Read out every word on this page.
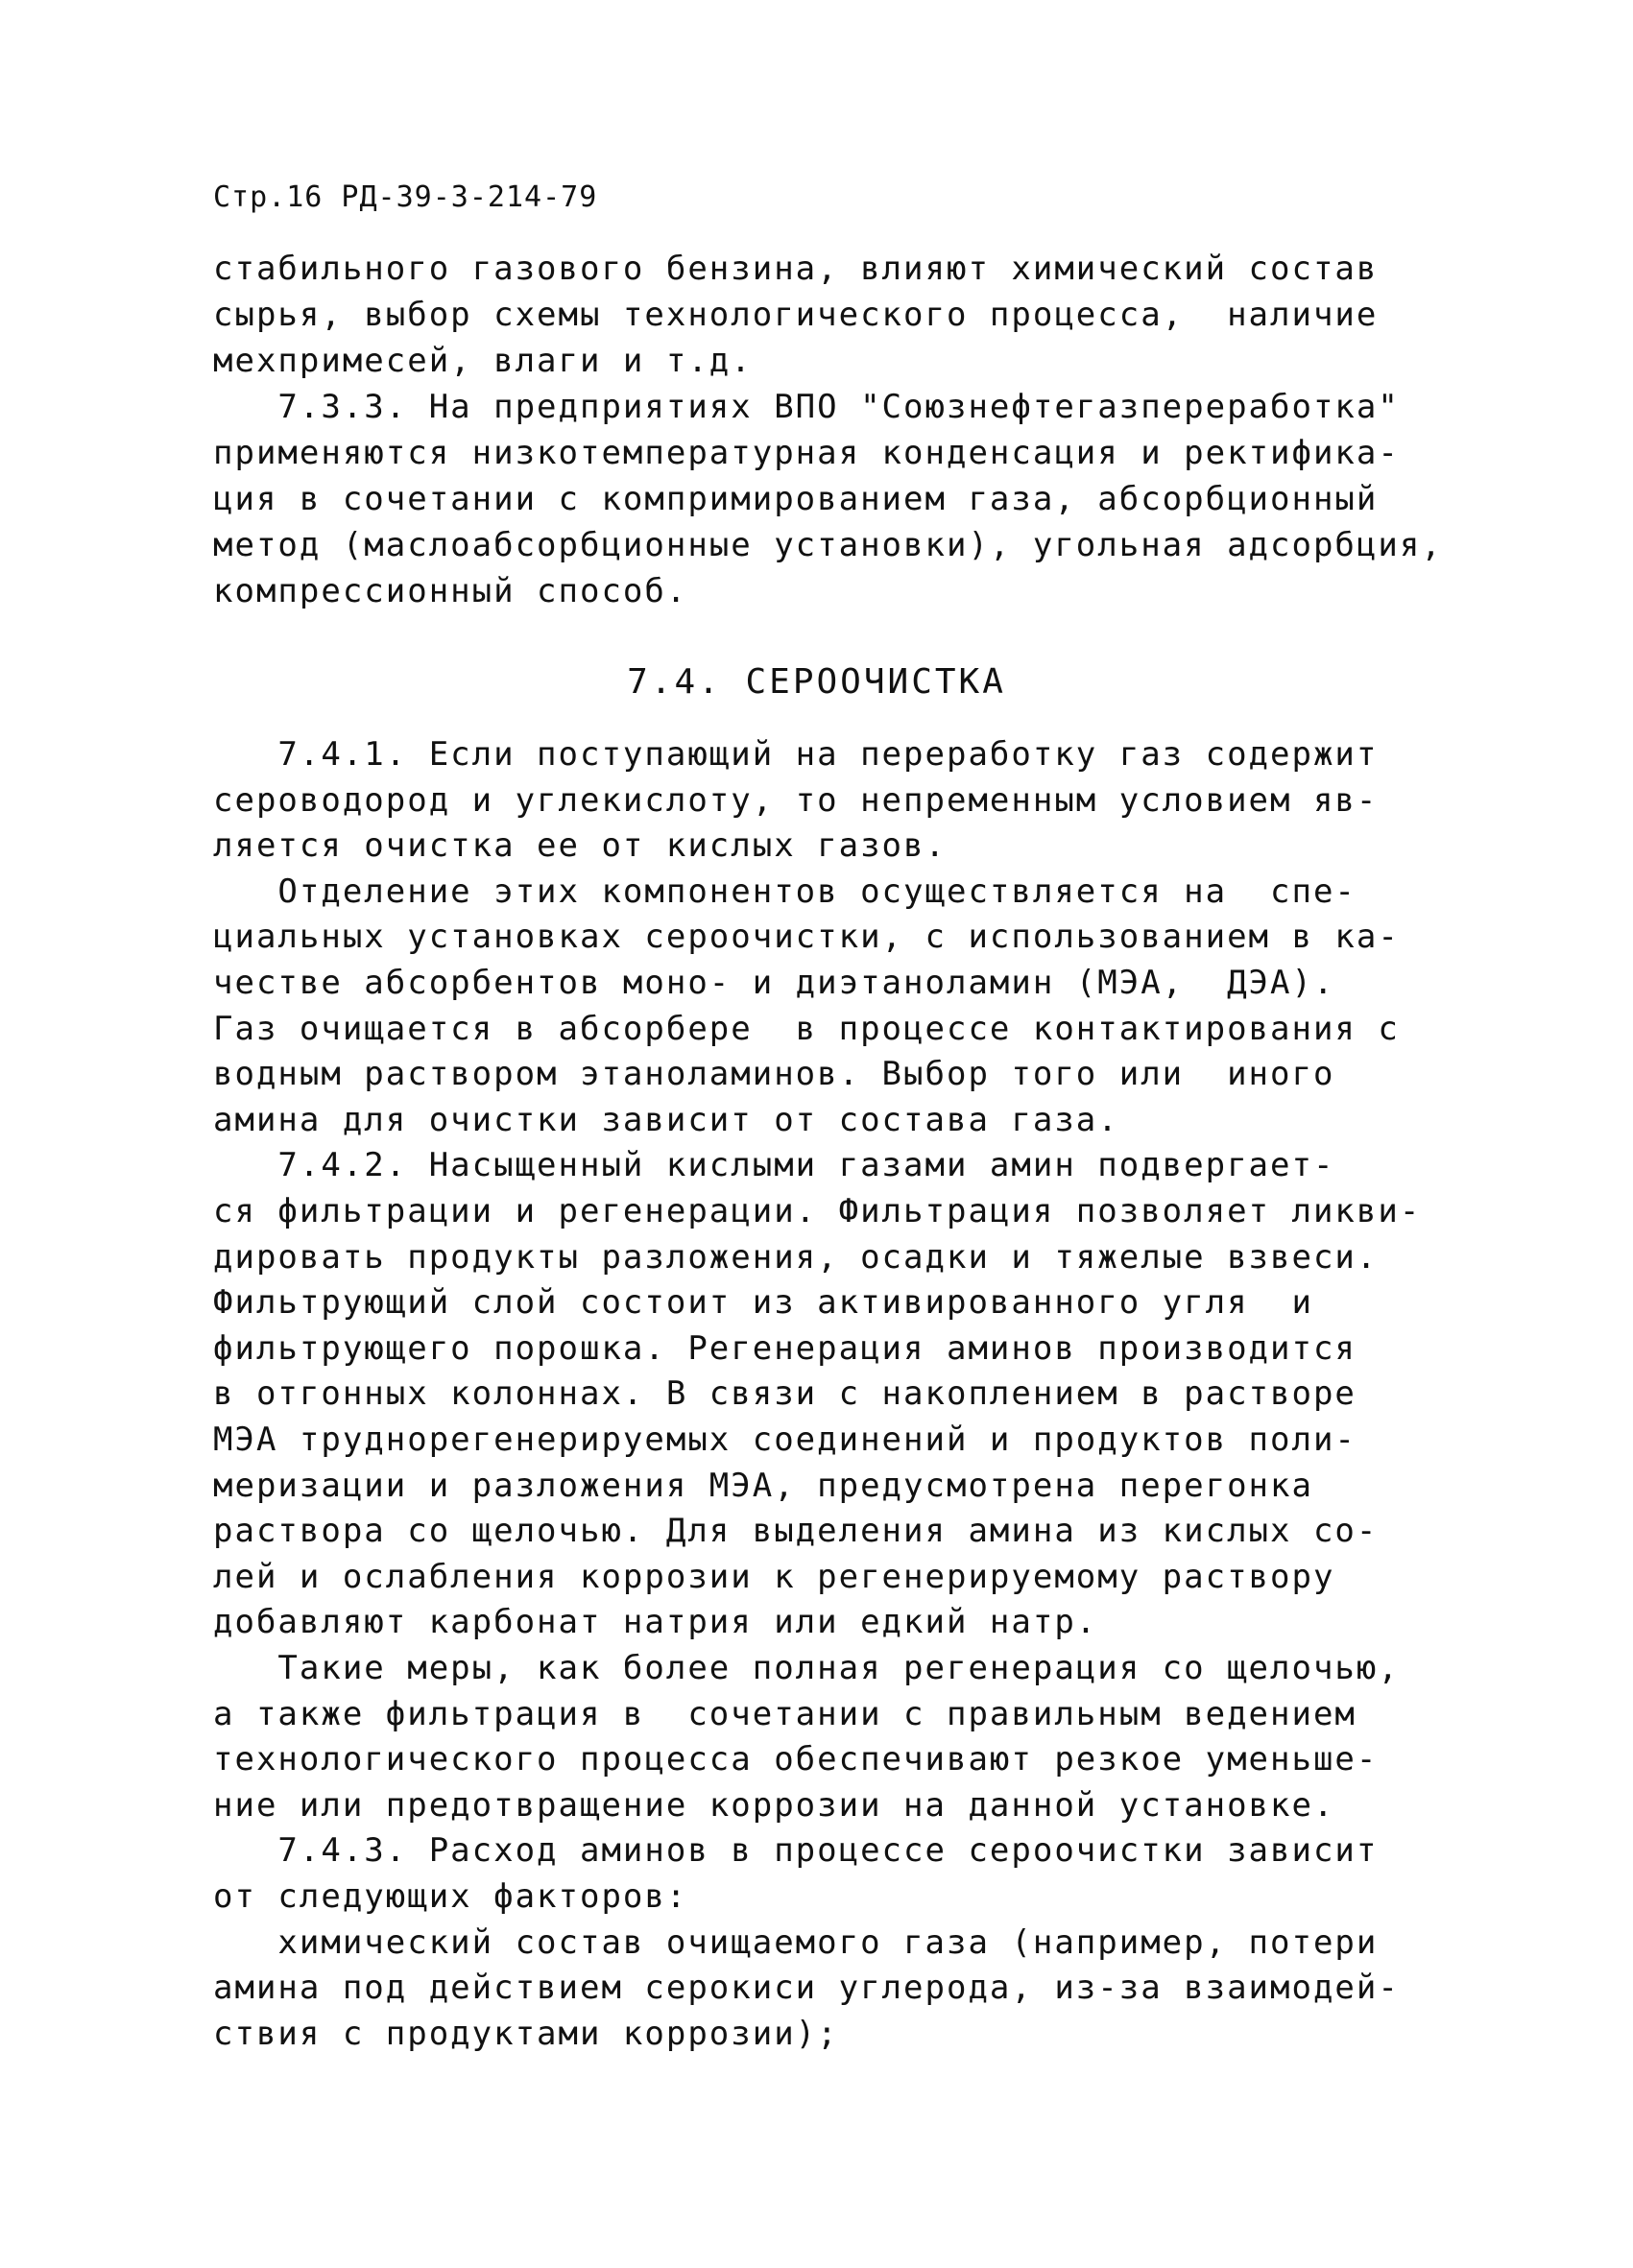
Стр.16 РД-39-3-214-79
стабильного газового бензина, влияют химический состав
сырья, выбор схемы технологического процесса,  наличие
мехпримесей, влаги и т.д.
7.3.3. На предприятиях ВПО "Союзнефтегазпереработка"
применяются низкотемпературная конденсация и ректифика-
ция в сочетании с компримированием газа, абсорбционный
метод (маслоабсорбционные установки), угольная адсорбция,
компрессионный способ.
7.4. СЕРООЧИСТКА
7.4.1. Если поступающий на переработку газ содержит
сероводород и углекислоту, то непременным условием яв-
ляется очистка ее от кислых газов.
Отделение этих компонентов осуществляется на  спе-
циальных установках сероочистки, с использованием в ка-
честве абсорбентов моно- и диэтаноламин (МЭА,  ДЭА).
Газ очищается в абсорбере  в процессе контактирования с
водным раствором этаноламинов. Выбор того или  иного
амина для очистки зависит от состава газа.
7.4.2. Насыщенный кислыми газами амин подвергает-
ся фильтрации и регенерации. Фильтрация позволяет ликви-
дировать продукты разложения, осадки и тяжелые взвеси.
Фильтрующий слой состоит из активированного угля  и
фильтрующего порошка. Регенерация аминов производится
в отгонных колоннах. В связи с накоплением в растворе
МЭА труднорегенерируемых соединений и продуктов поли-
меризации и разложения МЭА, предусмотрена перегонка
раствора со щелочью. Для выделения амина из кислых со-
лей и ослабления коррозии к регенерируемому раствору
добавляют карбонат натрия или едкий натр.
Такие меры, как более полная регенерация со щелочью,
а также фильтрация в  сочетании с правильным ведением
технологического процесса обеспечивают резкое уменьше-
ние или предотвращение коррозии на данной установке.
7.4.3. Расход аминов в процессе сероочистки зависит
от следующих факторов:
химический состав очищаемого газа (например, потери
амина под действием серокиси углерода, из-за взаимодей-
ствия с продуктами коррозии);
